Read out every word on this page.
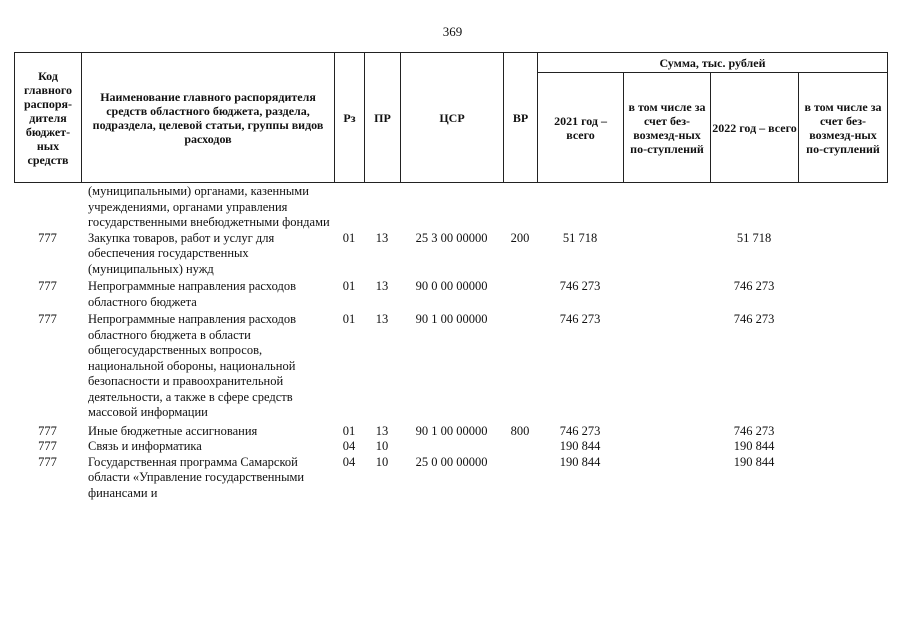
369
Код главного распоря-дителя бюджет-ных средств	Наименование главного распорядителя средств областного бюджета, раздела, подраздела, целевой статьи, группы видов расходов	Рз	ПР	ЦСР	ВР	Сумма, тыс. рублей			
						2021 год – всего	в том числе за счет без-возмезд-ных по-ступлений	2022 год – всего	в том числе за счет без-возмезд-ных по-ступлений
	(муниципальными) органами, казенными учреждениями, органами управления государственными внебюджетными фондами								
777	Закупка товаров, работ и услуг для обеспечения государственных (муниципальных) нужд	01	13	25 3 00 00000	200	51 718		51 718	
777	Непрограммные направления расходов областного бюджета	01	13	90 0 00 00000		746 273		746 273	
777	Непрограммные направления расходов областного бюджета в области общегосударственных вопросов, национальной обороны, национальной безопасности и правоохранительной деятельности, а также в сфере средств массовой информации	01	13	90 1 00 00000		746 273		746 273	
777	Иные бюджетные ассигнования	01	13	90 1 00 00000	800	746 273		746 273	
777	Связь и информатика	04	10			190 844		190 844	
777	Государственная программа Самарской области «Управление государственными финансами и	04	10	25 0 00 00000		190 844		190 844	
